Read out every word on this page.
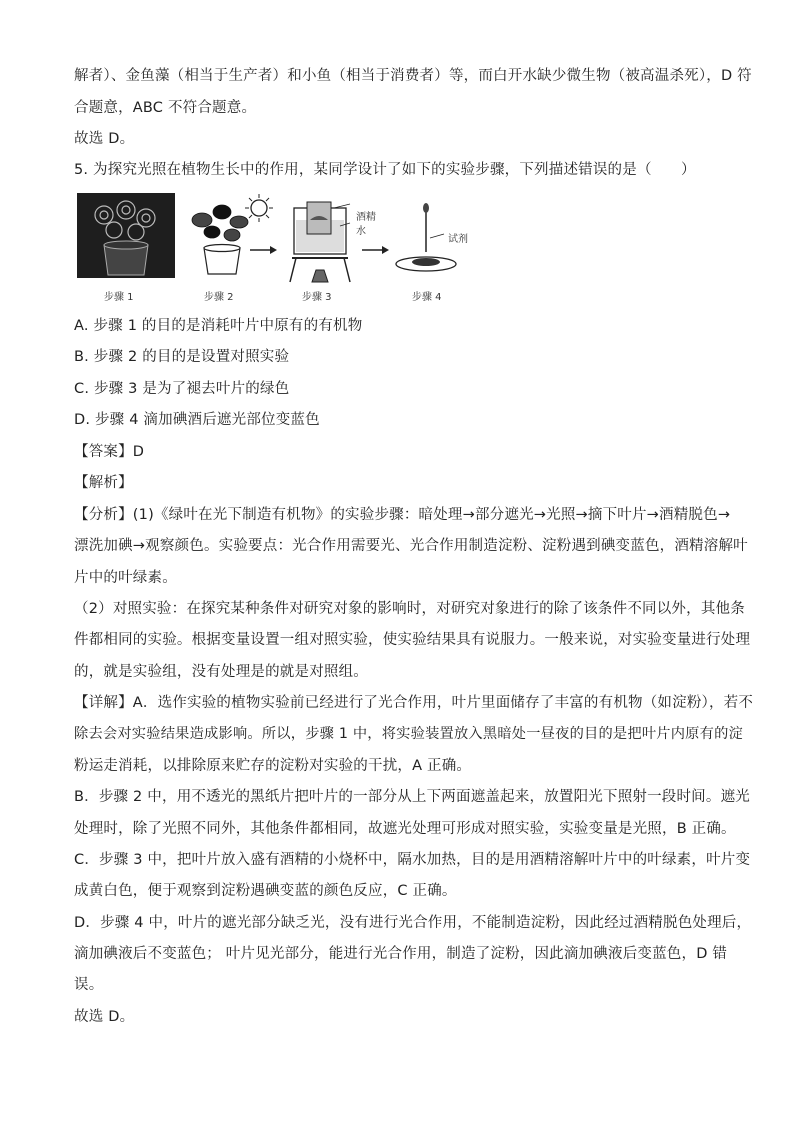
解者）、金鱼藻（相当于生产者）和小鱼（相当于消费者）等，而白开水缺少微生物（被高温杀死），D 符
合题意，ABC 不符合题意。
故选 D。
5. 为探究光照在植物生长中的作用，某同学设计了如下的实验步骤，下列描述错误的是（　　）
酒精
水
试剂
步骤 1	步骤 2	步骤 3	步骤 4
A. 步骤 1 的目的是消耗叶片中原有的有机物
B. 步骤 2 的目的是设置对照实验
C. 步骤 3 是为了褪去叶片的绿色
D. 步骤 4 滴加碘酒后遮光部位变蓝色
【答案】D
【解析】
【分析】(1)《绿叶在光下制造有机物》的实验步骤：暗处理→部分遮光→光照→摘下叶片→酒精脱色→
漂洗加碘→观察颜色。实验要点：光合作用需要光、光合作用制造淀粉、淀粉遇到碘变蓝色，酒精溶解叶
片中的叶绿素。
（2）对照实验：在探究某种条件对研究对象的影响时，对研究对象进行的除了该条件不同以外，其他条
件都相同的实验。根据变量设置一组对照实验，使实验结果具有说服力。一般来说，对实验变量进行处理
的，就是实验组，没有处理是的就是对照组。
【详解】A．选作实验的植物实验前已经进行了光合作用，叶片里面储存了丰富的有机物（如淀粉），若不
除去会对实验结果造成影响。所以，步骤 1 中，将实验装置放入黑暗处一昼夜的目的是把叶片内原有的淀
粉运走消耗，以排除原来贮存的淀粉对实验的干扰，A 正确。
B．步骤 2 中，用不透光的黑纸片把叶片的一部分从上下两面遮盖起来，放置阳光下照射一段时间。遮光
处理时，除了光照不同外，其他条件都相同，故遮光处理可形成对照实验，实验变量是光照，B 正确。
C．步骤 3 中，把叶片放入盛有酒精的小烧杯中，隔水加热，目的是用酒精溶解叶片中的叶绿素，叶片变
成黄白色，便于观察到淀粉遇碘变蓝的颜色反应，C 正确。
D．步骤 4 中，叶片的遮光部分缺乏光，没有进行光合作用，不能制造淀粉，因此经过酒精脱色处理后，
滴加碘液后不变蓝色； 叶片见光部分，能进行光合作用，制造了淀粉，因此滴加碘液后变蓝色，D 错
误。
故选 D。
